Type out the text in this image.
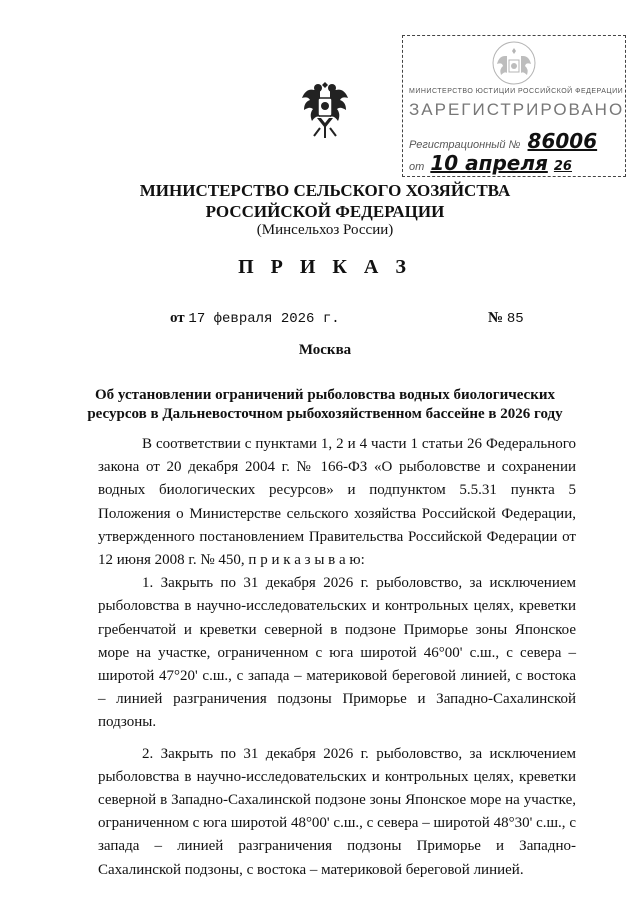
МИНИСТЕРСТВО ЮСТИЦИИ РОССИЙСКОЙ ФЕДЕРАЦИИ
ЗАРЕГИСТРИРОВАНО
Регистрационный № 86006
от 10 апреля 26
МИНИСТЕРСТВО СЕЛЬСКОГО ХОЗЯЙСТВА
РОССИЙСКОЙ ФЕДЕРАЦИИ
(Минсельхоз России)
П Р И К А З
от 17 февраля 2026 г.	№ 85
Москва
Об установлении ограничений рыболовства водных биологических
ресурсов в Дальневосточном рыбохозяйственном бассейне в 2026 году

В соответствии с пунктами 1, 2 и 4 части 1 статьи 26 Федерального закона от 20 декабря 2004 г. № 166-ФЗ «О рыболовстве и сохранении водных биологических ресурсов» и подпунктом 5.5.31 пункта 5 Положения о Министерстве сельского хозяйства Российской Федерации, утвержденного постановлением Правительства Российской Федерации от 12 июня 2008 г. № 450, п р и к а з ы в а ю:

1. Закрыть по 31 декабря 2026 г. рыболовство, за исключением рыболовства в научно-исследовательских и контрольных целях, креветки гребенчатой и креветки северной в подзоне Приморье зоны Японское море на участке, ограниченном с юга широтой 46°00' с.ш., с севера – широтой 47°20' с.ш., с запада – материковой береговой линией, с востока – линией разграничения подзоны Приморье и Западно-Сахалинской подзоны.

2. Закрыть по 31 декабря 2026 г. рыболовство, за исключением рыболовства в научно-исследовательских и контрольных целях, креветки северной в Западно-Сахалинской подзоне зоны Японское море на участке, ограниченном с юга широтой 48°00' с.ш., с севера – широтой 48°30' с.ш., с запада – линией разграничения подзоны Приморье и Западно-Сахалинской подзоны, с востока – материковой береговой линией.
